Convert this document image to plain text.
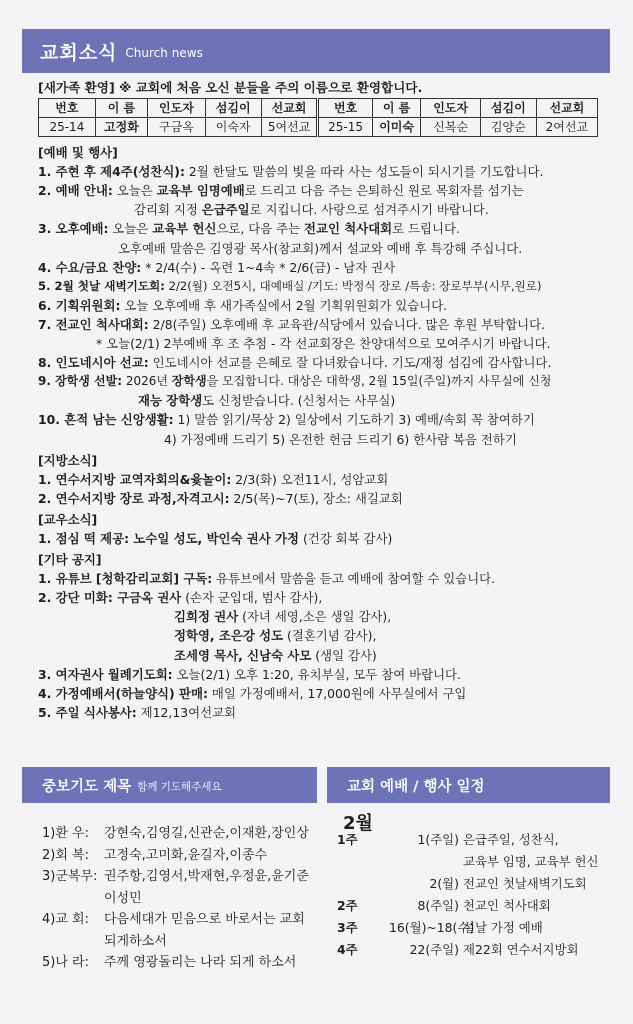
교회소식 Church news
[새가족 환영] ※ 교회에 처음 오신 분들을 주의 이름으로 환영합니다.
번호	이 름	인도자	섬김이	선교회	번호	이 름	인도자	섬김이	선교회
25-14	고정화	구금옥	이숙자	5여선교	25-15	이미숙	신복순	김양순	2여선교
[예배 및 행사]
1. 주현 후 제4주(성찬식): 2월 한달도 말씀의 빛을 따라 사는 성도들이 되시기를 기도합니다.
2. 예배 안내: 오늘은 교육부 임명예배로 드리고 다음 주는 은퇴하신 원로 목회자를 섬기는
감리회 지정 은급주일로 지킵니다. 사랑으로 섬겨주시기 바랍니다.
3. 오후예배: 오늘은 교육부 헌신으로, 다음 주는 전교인 척사대회로 드립니다.
오후예배 말씀은 김영광 목사(참교회)께서 설교와 예배 후 특강해 주십니다.
4. 수요/금요 찬양: * 2/4(수) - 옥련 1~4속 * 2/6(금) - 남자 권사
5. 2월 첫날 새벽기도회: 2/2(월) 오전5시, 대예배실 /기도: 박정식 장로 /특송: 장로부부(시무,원로)
6. 기획위원회: 오늘 오후예배 후 새가족실에서 2월 기획위원회가 있습니다.
7. 전교인 척사대회: 2/8(주일) 오후예배 후 교육관/식당에서 있습니다. 많은 후원 부탁합니다.
* 오늘(2/1) 2부예배 후 조 추첨 - 각 선교회장은 찬양대석으로 모여주시기 바랍니다.
8. 인도네시아 선교: 인도네시아 선교를 은혜로 잘 다녀왔습니다. 기도/재정 섬김에 감사합니다.
9. 장학생 선발: 2026년 장학생을 모집합니다. 대상은 대학생, 2월 15일(주일)까지 사무실에 신청
재능 장학생도 신청받습니다. (신청서는 사무실)
10. 흔적 남는 신앙생활: 1) 말씀 읽기/묵상 2) 일상에서 기도하기 3) 예배/속회 꼭 참여하기
4) 가정예배 드리기 5) 온전한 헌금 드리기 6) 한사람 복음 전하기
[지방소식]
1. 연수서지방 교역자회의&윷놀이: 2/3(화) 오전11시, 성암교회
2. 연수서지방 장로 과정,자격고시: 2/5(목)~7(토), 장소: 새길교회
[교우소식]
1. 점심 떡 제공: 노수일 성도, 박인숙 권사 가정 (건강 회복 감사)
[기타 공지]
1. 유튜브 [청학감리교회] 구독: 유튜브에서 말씀을 듣고 예배에 참여할 수 있습니다.
2. 강단 미화: 구금옥 권사 (손자 군입대, 범사 감사),
김희정 권사 (자녀 세영,소은 생일 감사),
정학영, 조은강 성도 (결혼기념 감사),
조세영 목사, 신남숙 사모 (생일 감사)
3. 여자권사 월례기도회: 오늘(2/1) 오후 1:20, 유치부실, 모두 참여 바랍니다.
4. 가정예배서(하늘양식) 판매: 매일 가정예배서, 17,000원에 사무실에서 구입
5. 주일 식사봉사: 제12,13여선교회
중보기도 제목 함께 기도해주세요
1)환 우:	강현숙,김영길,신관순,이재환,장인상
2)회 복:	고정숙,고미화,윤길자,이종수
3)군복무: 권주항,김영서,박재현,우정윤,윤기준 이성민
4)교 회:	다음세대가 믿음으로 바로서는 교회 되게하소서
5)나 라:	주께 영광돌리는 나라 되게 하소서
교회 예배 / 행사 일정
2월
1주	1(주일) 은급주일, 성찬식,
교육부 임명, 교육부 헌신
2(월) 전교인 첫날새벽기도회
2주	8(주일) 천교인 척사대회
3주	16(월)~18(수)
설날 가정 예배
4주	22(주일) 제22회 연수서지방회
